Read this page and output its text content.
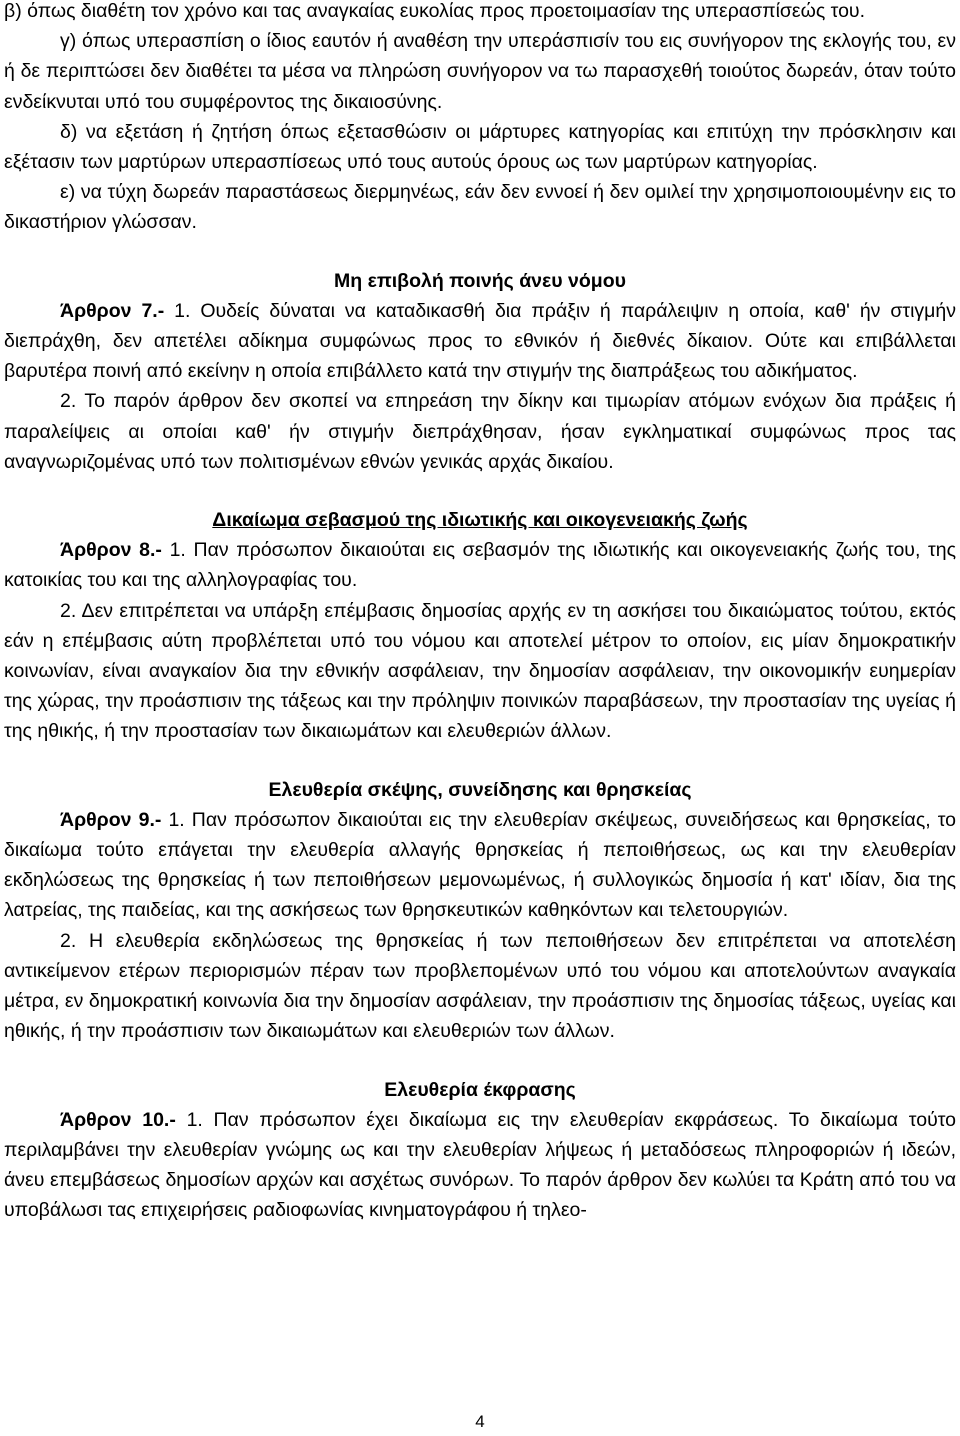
β) όπως διαθέτη τον χρόνο και τας αναγκαίας ευκολίας προς προετοιμασίαν της υπερασπίσεώς του.

γ) όπως υπερασπίση ο ίδιος εαυτόν ή αναθέση την υπεράσπισίν του εις συνήγορον της εκλογής του, εν ή δε περιπτώσει δεν διαθέτει τα μέσα να πληρώση συνήγορον να τω παρασχεθή τοιούτος δωρεάν, όταν τούτο ενδείκνυται υπό του συμφέροντος της δικαιοσύνης.

δ) να εξετάση ή ζητήση όπως εξετασθώσιν οι μάρτυρες κατηγορίας και επιτύχη την πρόσκλησιν και εξέτασιν των μαρτύρων υπερασπίσεως υπό τους αυτούς όρους ως των μαρτύρων κατηγορίας.

ε) να τύχη δωρεάν παραστάσεως διερμηνέως, εάν δεν εννοεί ή δεν ομιλεί την χρησιμοποιουμένην εις το δικαστήριον γλώσσαν.

Μη επιβολή ποινής άνευ νόμου

Άρθρον 7.- 1. Ουδείς δύναται να καταδικασθή δια πράξιν ή παράλειψιν η οποία, καθ' ήν στιγμήν διεπράχθη, δεν απετέλει αδίκημα συμφώνως προς το εθνικόν ή διεθνές δίκαιον. Ούτε και επιβάλλεται βαρυτέρα ποινή από εκείνην η οποία επιβάλλετο κατά την στιγμήν της διαπράξεως του αδικήματος.

2. Το παρόν άρθρον δεν σκοπεί να επηρεάση την δίκην και τιμωρίαν ατόμων ενόχων δια πράξεις ή παραλείψεις αι οποίαι καθ' ήν στιγμήν διεπράχθησαν, ήσαν εγκληματικαί συμφώνως προς τας αναγνωριζομένας υπό των πολιτισμένων εθνών γενικάς αρχάς δικαίου.

Δικαίωμα σεβασμού της ιδιωτικής και οικογενειακής ζωής

Άρθρον 8.- 1. Παν πρόσωπον δικαιούται εις σεβασμόν της ιδιωτικής και οικογενειακής ζωής του, της κατοικίας του και της αλληλογραφίας του.

2. Δεν επιτρέπεται να υπάρξη επέμβασις δημοσίας αρχής εν τη ασκήσει του δικαιώματος τούτου, εκτός εάν η επέμβασις αύτη προβλέπεται υπό του νόμου και αποτελεί μέτρον το οποίον, εις μίαν δημοκρατικήν κοινωνίαν, είναι αναγκαίον δια την εθνικήν ασφάλειαν, την δημοσίαν ασφάλειαν, την οικονομικήν ευημερίαν της χώρας, την προάσπισιν της τάξεως και την πρόληψιν ποινικών παραβάσεων, την προστασίαν της υγείας ή της ηθικής, ή την προστασίαν των δικαιωμάτων και ελευθεριών άλλων.

Ελευθερία σκέψης, συνείδησης και θρησκείας

Άρθρον 9.- 1. Παν πρόσωπον δικαιούται εις την ελευθερίαν σκέψεως, συνειδήσεως και θρησκείας, το δικαίωμα τούτο επάγεται την ελευθερία αλλαγής θρησκείας ή πεποιθήσεως, ως και την ελευθερίαν εκδηλώσεως της θρησκείας ή των πεποιθήσεων μεμονωμένως, ή συλλογικώς δημοσία ή κατ' ιδίαν, δια της λατρείας, της παιδείας, και της ασκήσεως των θρησκευτικών καθηκόντων και τελετουργιών.

2. Η ελευθερία εκδηλώσεως της θρησκείας ή των πεποιθήσεων δεν επιτρέπεται να αποτελέση αντικείμενον ετέρων περιορισμών πέραν των προβλεπομένων υπό του νόμου και αποτελούντων αναγκαία μέτρα, εν δημοκρατική κοινωνία δια την δημοσίαν ασφάλειαν, την προάσπισιν της δημοσίας τάξεως, υγείας και ηθικής, ή την προάσπισιν των δικαιωμάτων και ελευθεριών των άλλων.

Ελευθερία έκφρασης

Άρθρον 10.- 1. Παν πρόσωπον έχει δικαίωμα εις την ελευθερίαν εκφράσεως. Το δικαίωμα τούτο περιλαμβάνει την ελευθερίαν γνώμης ως και την ελευθερίαν λήψεως ή μεταδόσεως πληροφοριών ή ιδεών, άνευ επεμβάσεως δημοσίων αρχών και ασχέτως συνόρων. Το παρόν άρθρον δεν κωλύει τα Κράτη από του να υποβάλωσι τας επιχειρήσεις ραδιοφωνίας κινηματογράφου ή τηλεο-

4
